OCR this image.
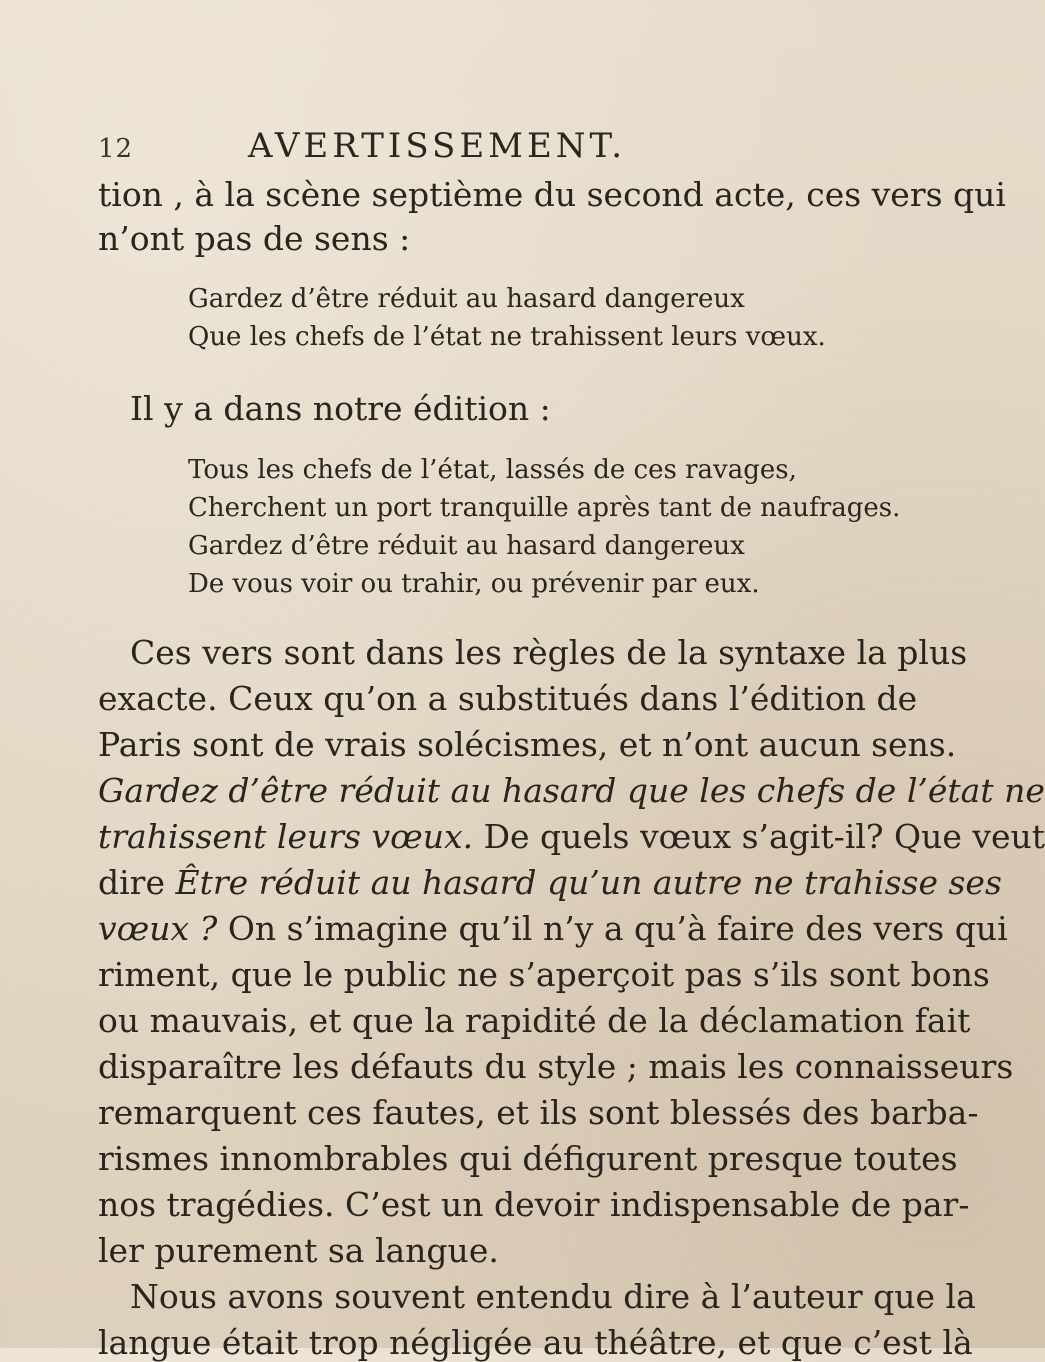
12	AVERTISSEMENT.
tion , à la scène septième du second acte, ces vers qui
n’ont pas de sens :
Gardez d’être réduit au hasard dangereux
Que les chefs de l’état ne trahissent leurs vœux.
Il y a dans notre édition :
Tous les chefs de l’état, lassés de ces ravages,
Cherchent un port tranquille après tant de naufrages.
Gardez d’être réduit au hasard dangereux
De vous voir ou trahir, ou prévenir par eux.
Ces vers sont dans les règles de la syntaxe la plus
exacte. Ceux qu’on a substitués dans l’édition de
Paris sont de vrais solécismes, et n’ont aucun sens.
Gardez d’être réduit au hasard que les chefs de l’état ne
trahissent leurs vœux. De quels vœux s’agit-il? Que veut
dire Être réduit au hasard qu’un autre ne trahisse ses
vœux ? On s’imagine qu’il n’y a qu’à faire des vers qui
riment, que le public ne s’aperçoit pas s’ils sont bons
ou mauvais, et que la rapidité de la déclamation fait
disparaître les défauts du style ; mais les connaisseurs
remarquent ces fautes, et ils sont blessés des barba-
rismes innombrables qui défigurent presque toutes
nos tragédies. C’est un devoir indispensable de par-
ler purement sa langue.
Nous avons souvent entendu dire à l’auteur que la
langue était trop négligée au théâtre, et que c’est là
